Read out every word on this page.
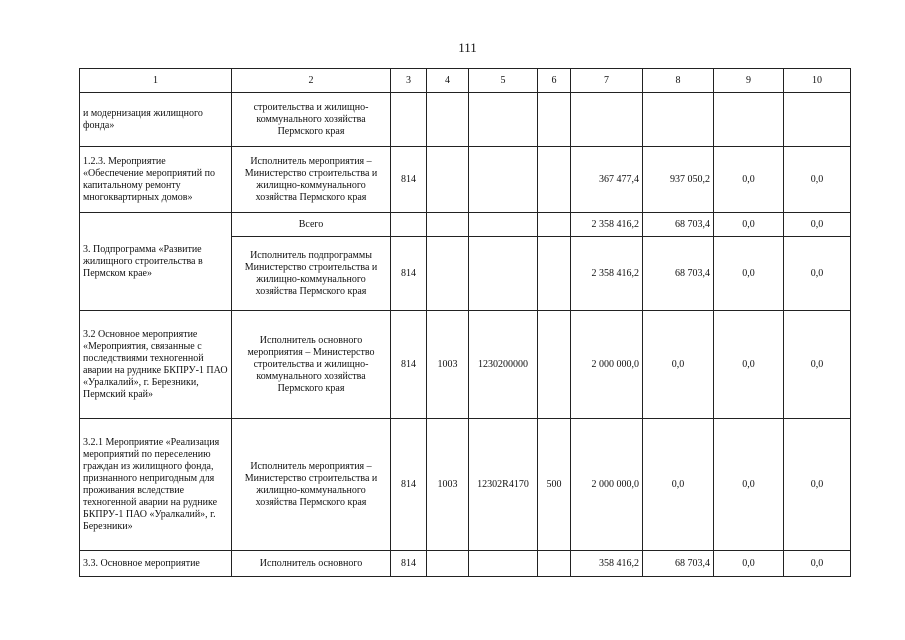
111
1	2	3	4	5	6	7	8	9	10
и модернизация жилищного фонда»	строительства и жилищно-коммунального хозяйства Пермского края								
1.2.3. Мероприятие «Обеспечение мероприятий по капитальному ремонту многоквартирных домов»	Исполнитель мероприятия – Министерство строительства и жилищно-коммунального хозяйства Пермского края	814				367 477,4	937 050,2	0,0	0,0
3. Подпрограмма «Развитие жилищного строительства в Пермском крае»	Всего					2 358 416,2	68 703,4	0,0	0,0
	Исполнитель подпрограммы Министерство строительства и жилищно-коммунального хозяйства Пермского края	814				2 358 416,2	68 703,4	0,0	0,0
3.2 Основное мероприятие «Мероприятия, связанные с последствиями техногенной аварии на руднике БКПРУ-1 ПАО «Уралкалий», г. Березники, Пермский край»	Исполнитель основного мероприятия – Министерство строительства и жилищно-коммунального хозяйства Пермского края	814	1003	1230200000		2 000 000,0	0,0	0,0	0,0
3.2.1 Мероприятие «Реализация мероприятий по переселению граждан из жилищного фонда, признанного непригодным для проживания вследствие техногенной аварии на руднике БКПРУ-1 ПАО «Уралкалий», г. Березники»	Исполнитель мероприятия – Министерство строительства и жилищно-коммунального хозяйства Пермского края	814	1003	12302R4170	500	2 000 000,0	0,0	0,0	0,0
3.3. Основное мероприятие	Исполнитель основного	814				358 416,2	68 703,4	0,0	0,0
